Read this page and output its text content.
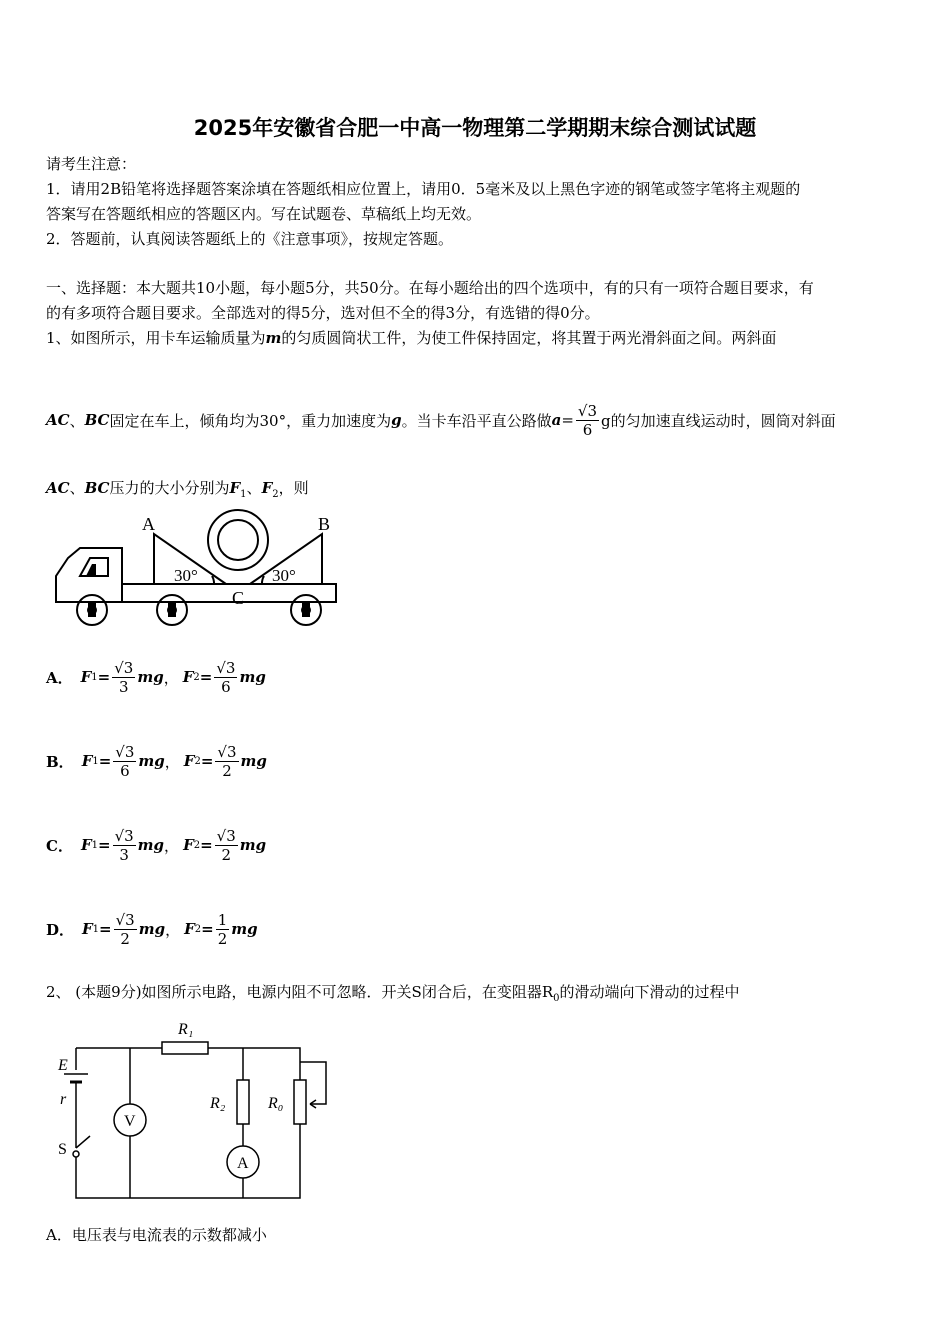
2025年安徽省合肥一中高一物理第二学期期末综合测试试题
请考生注意：
1．请用2B铅笔将选择题答案涂填在答题纸相应位置上，请用0．5毫米及以上黑色字迹的钢笔或签字笔将主观题的
答案写在答题纸相应的答题区内。写在试题卷、草稿纸上均无效。
2．答题前，认真阅读答题纸上的《注意事项》，按规定答题。
一、选择题：本大题共10小题，每小题5分，共50分。在每小题给出的四个选项中，有的只有一项符合题目要求，有
的有多项符合题目要求。全部选对的得5分，选对但不全的得3分，有选错的得0分。
1、如图所示，用卡车运输质量为m的匀质圆筒状工件，为使工件保持固定，将其置于两光滑斜面之间。两斜面
AC 、 BC 固定在车上，倾角均为30°，重力加速度为 g 。当卡车沿平直公路做 $a = \frac{√3}{6}$ g的匀加速直线运动时，圆筒对斜面
AC、BC压力的大小分别为$F_1$、$F_2$，则
A	B
C
30°	30°
A． F $1 = \frac{√3}{3}$ mg ， F $2 = \frac{√3}{6}$ mg
B． F $1 = \frac{√3}{6}$ mg ， F $2 = \frac{√3}{2}$ mg
C． F $1 = \frac{√3}{3}$ mg ， F $2 = \frac{√3}{2}$ mg
D． F $1 = \frac{√3}{2}$ mg ， F $2 = \frac{1}{2}$ mg
2、 (本题9分)如图所示电路，电源内阻不可忽略．开关S闭合后，在变阻器$R_0$的滑动端向下滑动的过程中
R₁
E
r
S
V
A
R₂	R₀
A．电压表与电流表的示数都减小
